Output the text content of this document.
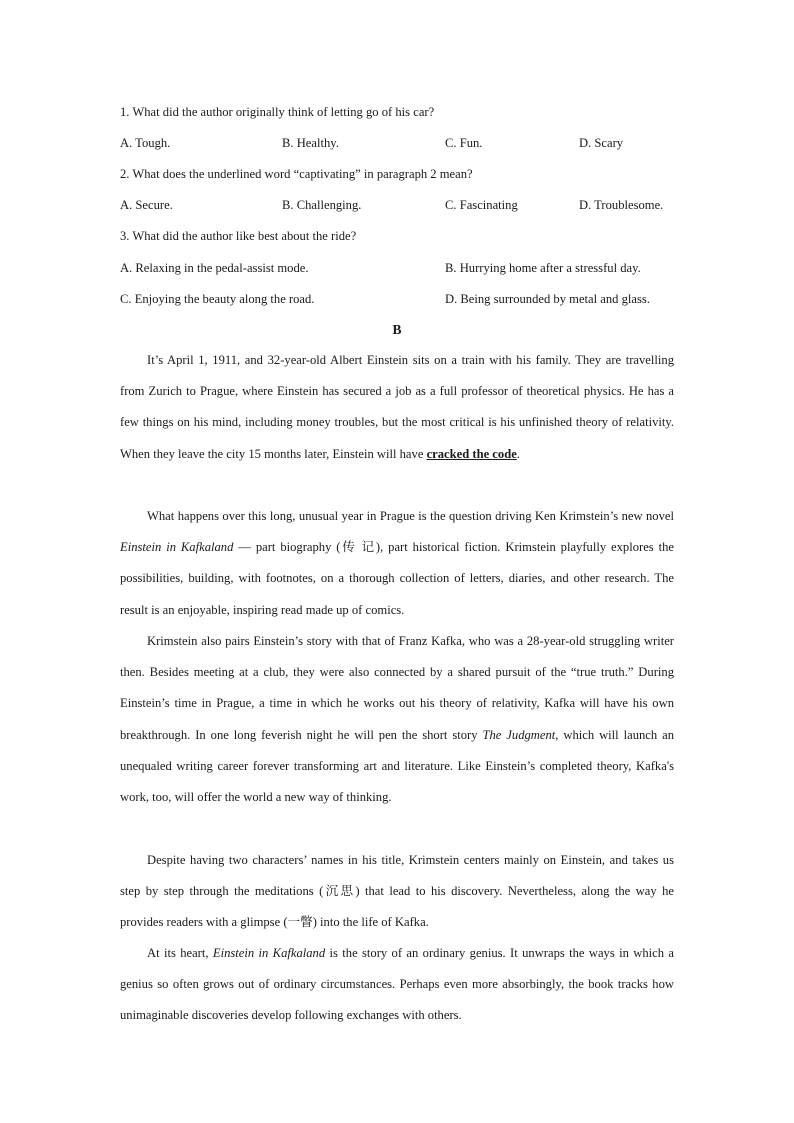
1. What did the author originally think of letting go of his car?
A. Tough.	B. Healthy.	C. Fun.	D. Scary
2. What does the underlined word “captivating” in paragraph 2 mean?
A. Secure.	B. Challenging.	C. Fascinating	D. Troublesome.
3. What did the author like best about the ride?
A. Relaxing in the pedal-assist mode.	B. Hurrying home after a stressful day.
C. Enjoying the beauty along the road.	D. Being surrounded by metal and glass.
B

It’s April 1, 1911, and 32-year-old Albert Einstein sits on a train with his family. They are travelling from Zurich to Prague, where Einstein has secured a job as a full professor of theoretical physics. He has a few things on his mind, including money troubles, but the most critical is his unfinished theory of relativity. When they leave the city 15 months later, Einstein will have cracked the code.

What happens over this long, unusual year in Prague is the question driving Ken Krimstein’s new novel Einstein in Kafkaland — part biography (传 记), part historical fiction. Krimstein playfully explores the possibilities, building, with footnotes, on a thorough collection of letters, diaries, and other research. The result is an enjoyable, inspiring read made up of comics.

Krimstein also pairs Einstein’s story with that of Franz Kafka, who was a 28-year-old struggling writer then. Besides meeting at a club, they were also connected by a shared pursuit of the “true truth.” During Einstein’s time in Prague, a time in which he works out his theory of relativity, Kafka will have his own breakthrough. In one long feverish night he will pen the short story The Judgment, which will launch an unequaled writing career forever transforming art and literature. Like Einstein’s completed theory, Kafka's work, too, will offer the world a new way of thinking.

Despite having two characters’ names in his title, Krimstein centers mainly on Einstein, and takes us step by step through the meditations (沉思) that lead to his discovery. Nevertheless, along the way he provides readers with a glimpse (一瞥) into the life of Kafka.

At its heart, Einstein in Kafkaland is the story of an ordinary genius. It unwraps the ways in which a genius so often grows out of ordinary circumstances. Perhaps even more absorbingly, the book tracks how unimaginable discoveries develop following exchanges with others.
